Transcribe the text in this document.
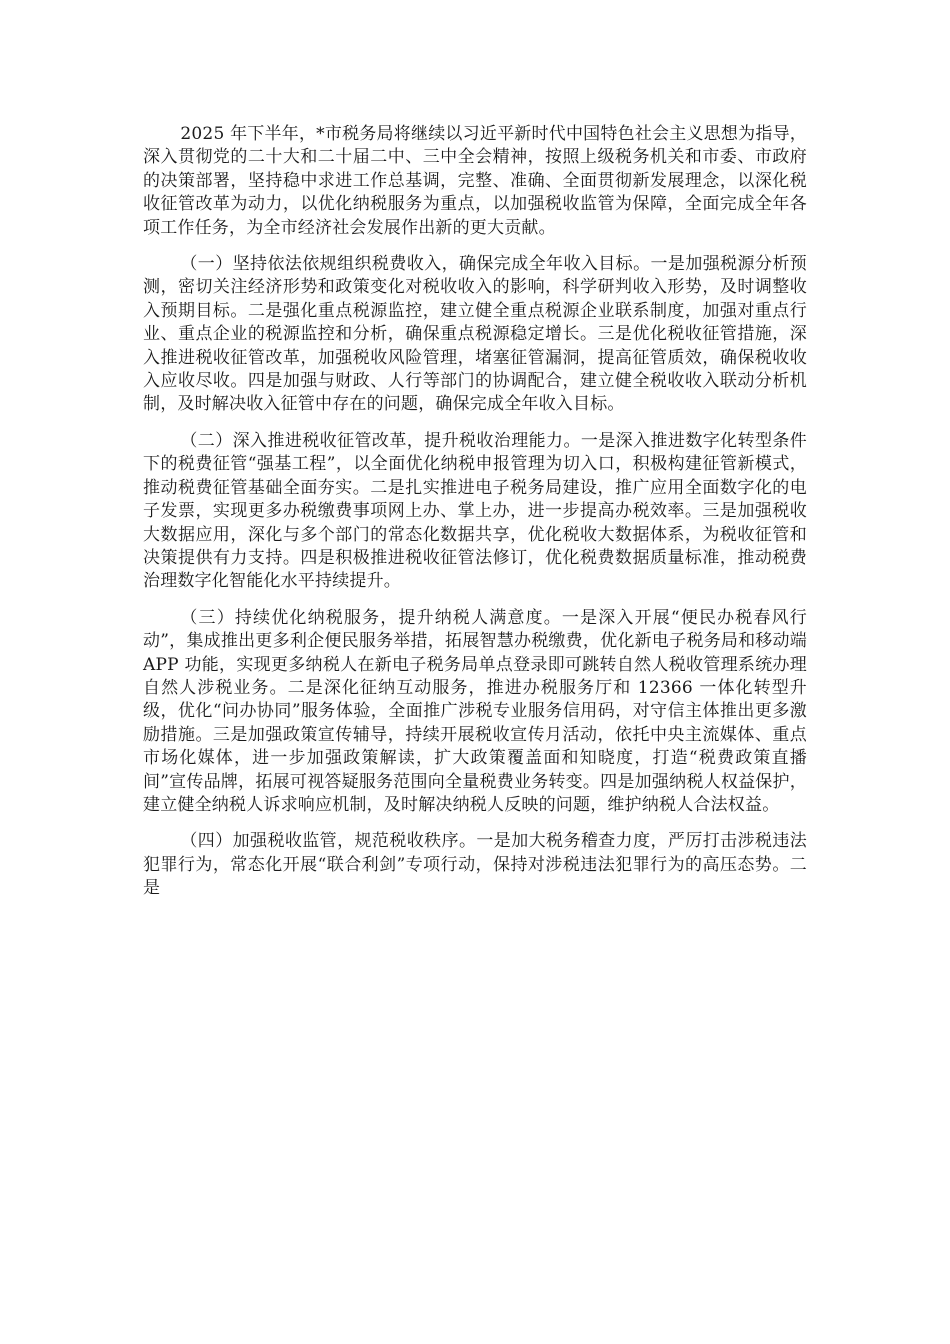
2025 年下半年，*市税务局将继续以习近平新时代中国特色社会主义思想为指导，深入贯彻党的二十大和二十届二中、三中全会精神，按照上级税务机关和市委、市政府的决策部署，坚持稳中求进工作总基调，完整、准确、全面贯彻新发展理念，以深化税收征管改革为动力，以优化纳税服务为重点，以加强税收监管为保障，全面完成全年各项工作任务，为全市经济社会发展作出新的更大贡献。

（一）坚持依法依规组织税费收入，确保完成全年收入目标。一是加强税源分析预测，密切关注经济形势和政策变化对税收收入的影响，科学研判收入形势，及时调整收入预期目标。二是强化重点税源监控，建立健全重点税源企业联系制度，加强对重点行业、重点企业的税源监控和分析，确保重点税源稳定增长。三是优化税收征管措施，深入推进税收征管改革，加强税收风险管理，堵塞征管漏洞，提高征管质效，确保税收收入应收尽收。四是加强与财政、人行等部门的协调配合，建立健全税收收入联动分析机制，及时解决收入征管中存在的问题，确保完成全年收入目标。

（二）深入推进税收征管改革，提升税收治理能力。一是深入推进数字化转型条件下的税费征管“强基工程”，以全面优化纳税申报管理为切入口，积极构建征管新模式，推动税费征管基础全面夯实。二是扎实推进电子税务局建设，推广应用全面数字化的电子发票，实现更多办税缴费事项网上办、掌上办，进一步提高办税效率。三是加强税收大数据应用，深化与多个部门的常态化数据共享，优化税收大数据体系，为税收征管和决策提供有力支持。四是积极推进税收征管法修订，优化税费数据质量标准，推动税费治理数字化智能化水平持续提升。

（三）持续优化纳税服务，提升纳税人满意度。一是深入开展“便民办税春风行动”，集成推出更多利企便民服务举措，拓展智慧办税缴费，优化新电子税务局和移动端 APP 功能，实现更多纳税人在新电子税务局单点登录即可跳转自然人税收管理系统办理自然人涉税业务。二是深化征纳互动服务，推进办税服务厅和 12366 一体化转型升级，优化“问办协同”服务体验，全面推广涉税专业服务信用码，对守信主体推出更多激励措施。三是加强政策宣传辅导，持续开展税收宣传月活动，依托中央主流媒体、重点市场化媒体，进一步加强政策解读，扩大政策覆盖面和知晓度，打造“税费政策直播间”宣传品牌，拓展可视答疑服务范围向全量税费业务转变。四是加强纳税人权益保护，建立健全纳税人诉求响应机制，及时解决纳税人反映的问题，维护纳税人合法权益。

（四）加强税收监管，规范税收秩序。一是加大税务稽查力度，严厉打击涉税违法犯罪行为，常态化开展“联合利剑”专项行动，保持对涉税违法犯罪行为的高压态势。二是
